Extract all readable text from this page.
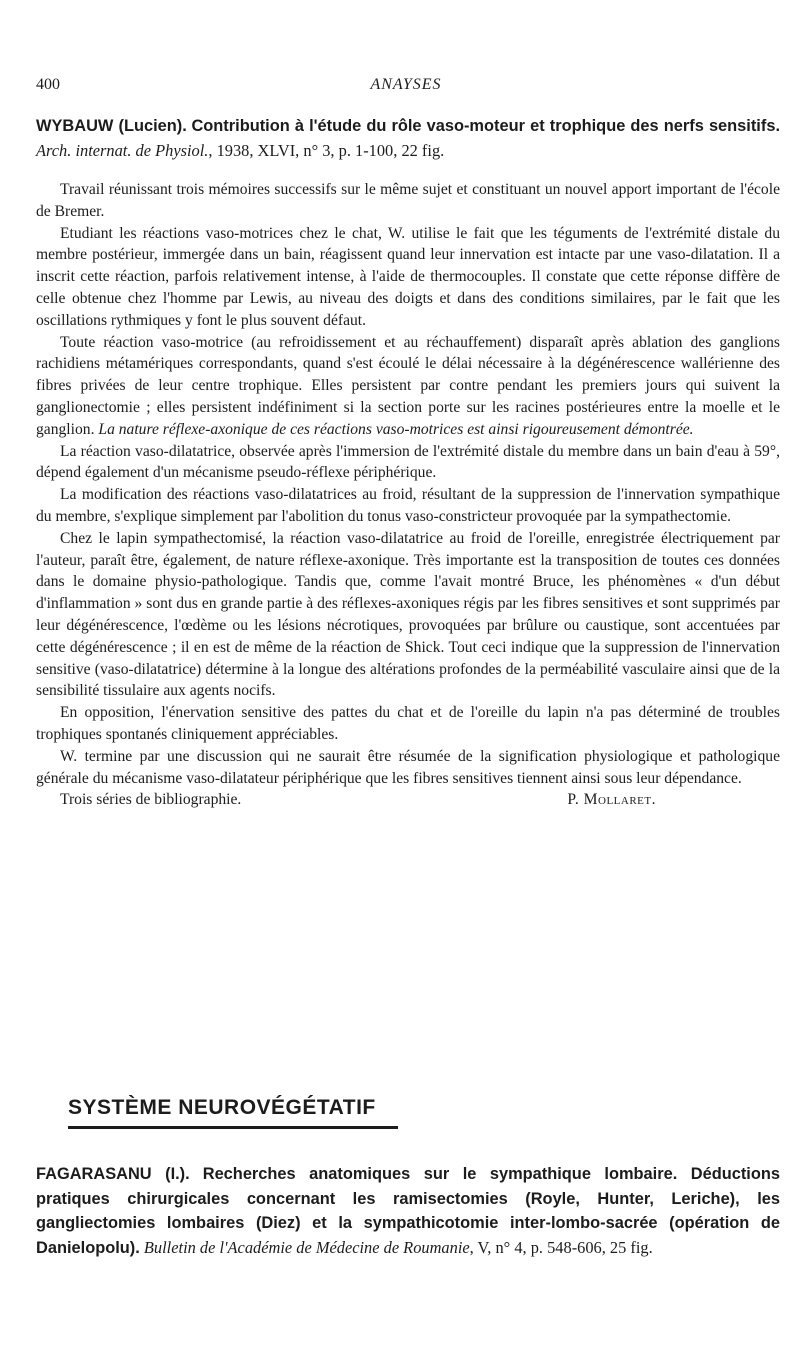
400	ANAYSES

WYBAUW (Lucien). Contribution à l'étude du rôle vaso-moteur et trophique des nerfs sensitifs. Arch. internat. de Physiol., 1938, XLVI, n° 3, p. 1-100, 22 fig.

Travail réunissant trois mémoires successifs sur le même sujet et constituant un nouvel apport important de l'école de Bremer.

Etudiant les réactions vaso-motrices chez le chat, W. utilise le fait que les téguments de l'extrémité distale du membre postérieur, immergée dans un bain, réagissent quand leur innervation est intacte par une vaso-dilatation. Il a inscrit cette réaction, parfois relativement intense, à l'aide de thermocouples. Il constate que cette réponse diffère de celle obtenue chez l'homme par Lewis, au niveau des doigts et dans des conditions similaires, par le fait que les oscillations rythmiques y font le plus souvent défaut.

Toute réaction vaso-motrice (au refroidissement et au réchauffement) disparaît après ablation des ganglions rachidiens métamériques correspondants, quand s'est écoulé le délai nécessaire à la dégénérescence wallérienne des fibres privées de leur centre trophique. Elles persistent par contre pendant les premiers jours qui suivent la ganglionectomie ; elles persistent indéfiniment si la section porte sur les racines postérieures entre la moelle et le ganglion. La nature réflexe-axonique de ces réactions vaso-motrices est ainsi rigoureusement démontrée.

La réaction vaso-dilatatrice, observée après l'immersion de l'extrémité distale du membre dans un bain d'eau à 59°, dépend également d'un mécanisme pseudo-réflexe périphérique.

La modification des réactions vaso-dilatatrices au froid, résultant de la suppression de l'innervation sympathique du membre, s'explique simplement par l'abolition du tonus vaso-constricteur provoquée par la sympathectomie.

Chez le lapin sympathectomisé, la réaction vaso-dilatatrice au froid de l'oreille, enregistrée électriquement par l'auteur, paraît être, également, de nature réflexe-axonique. Très importante est la transposition de toutes ces données dans le domaine physio-pathologique. Tandis que, comme l'avait montré Bruce, les phénomènes « d'un début d'inflammation » sont dus en grande partie à des réflexes-axoniques régis par les fibres sensitives et sont supprimés par leur dégénérescence, l'œdème ou les lésions nécrotiques, provoquées par brûlure ou caustique, sont accentuées par cette dégénérescence ; il en est de même de la réaction de Shick. Tout ceci indique que la suppression de l'innervation sensitive (vaso-dilatatrice) détermine à la longue des altérations profondes de la perméabilité vasculaire ainsi que de la sensibilité tissulaire aux agents nocifs.

En opposition, l'énervation sensitive des pattes du chat et de l'oreille du lapin n'a pas déterminé de troubles trophiques spontanés cliniquement appréciables.

W. termine par une discussion qui ne saurait être résumée de la signification physiologique et pathologique générale du mécanisme vaso-dilatateur périphérique que les fibres sensitives tiennent ainsi sous leur dépendance.

Trois séries de bibliographie.	P. Mollaret.
SYSTÈME NEUROVÉGÉTATIF

FAGARASANU (I.). Recherches anatomiques sur le sympathique lombaire. Déductions pratiques chirurgicales concernant les ramisectomies (Royle, Hunter, Leriche), les gangliectomies lombaires (Diez) et la sympathicotomie inter-lombo-sacrée (opération de Danielopolu). Bulletin de l'Académie de Médecine de Roumanie, V, n° 4, p. 548-606, 25 fig.
